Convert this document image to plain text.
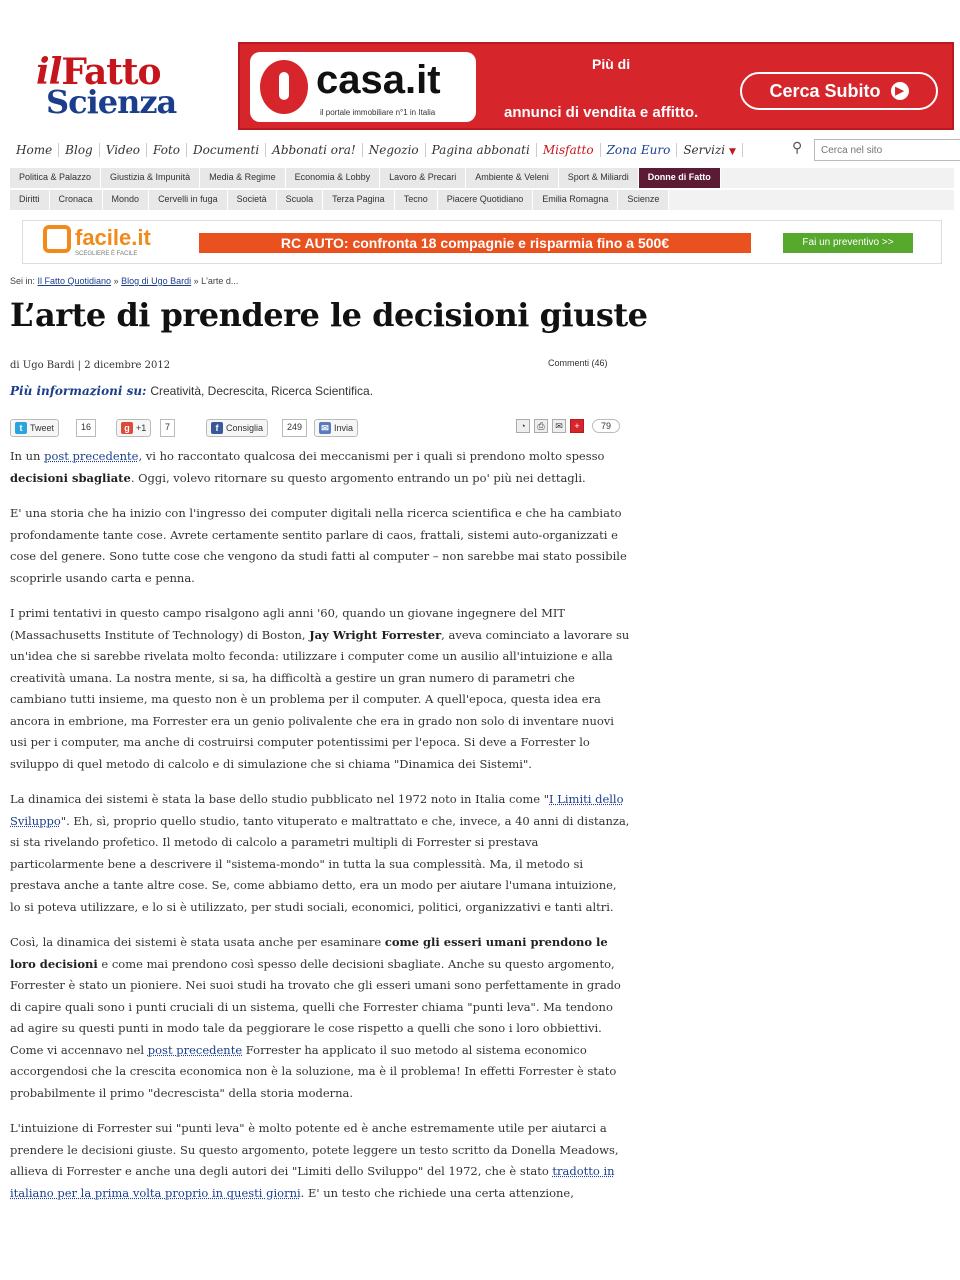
ilFatto
Scienza	casa.it
il portale immobiliare n°1 in Italia
Più di
annunci di vendita e affitto.
Cerca Subito	▶
Home	Blog	Video	Foto	Documenti	Abbonati ora!	Negozio	Pagina abbonati	Misfatto	Zona Euro	Servizi ▼	⚲
Cerca nel sito
Politica & Palazzo	Giustizia & Impunità	Media & Regime	Economia & Lobby	Lavoro & Precari	Ambiente & Veleni	Sport & Miliardi	Donne di Fatto
Diritti	Cronaca	Mondo	Cervelli in fuga	Società	Scuola	Terza Pagina	Tecno	Piacere Quotidiano	Emilia Romagna	Scienze
facile.it
SCEGLIERE È FACILE
RC AUTO: confronta 18 compagnie e risparmia fino a 500€	Fai un preventivo >>
Sei in: Il Fatto Quotidiano » Blog di Ugo Bardi » L'arte d...
L’arte di prendere le decisioni giuste
di Ugo Bardi | 2 dicembre 2012	Commenti (46)
Più informazioni su: Creatività, Decrescita, Ricerca Scientifica.
t Tweet	16	g +1	7	f Consiglia	249	✉ Invia	◔	⎙	✉	+	79

In un post precedente, vi ho raccontato qualcosa dei meccanismi per i quali si prendono molto spesso decisioni sbagliate. Oggi, volevo ritornare su questo argomento entrando un po' più nei dettagli.

E' una storia che ha inizio con l'ingresso dei computer digitali nella ricerca scientifica e che ha cambiato profondamente tante cose. Avrete certamente sentito parlare di caos, frattali, sistemi auto-organizzati e cose del genere. Sono tutte cose che vengono da studi fatti al computer – non sarebbe mai stato possibile scoprirle usando carta e penna.

I primi tentativi in questo campo risalgono agli anni '60, quando un giovane ingegnere del MIT (Massachusetts Institute of Technology) di Boston, Jay Wright Forrester, aveva cominciato a lavorare su un'idea che si sarebbe rivelata molto feconda: utilizzare i computer come un ausilio all'intuizione e alla creatività umana. La nostra mente, si sa, ha difficoltà a gestire un gran numero di parametri che cambiano tutti insieme, ma questo non è un problema per il computer. A quell'epoca, questa idea era ancora in embrione, ma Forrester era un genio polivalente che era in grado non solo di inventare nuovi usi per i computer, ma anche di costruirsi computer potentissimi per l'epoca. Si deve a Forrester lo sviluppo di quel metodo di calcolo e di simulazione che si chiama "Dinamica dei Sistemi".

La dinamica dei sistemi è stata la base dello studio pubblicato nel 1972 noto in Italia come "I Limiti dello Sviluppo". Eh, sì, proprio quello studio, tanto vituperato e maltrattato e che, invece, a 40 anni di distanza, si sta rivelando profetico. Il metodo di calcolo a parametri multipli di Forrester si prestava particolarmente bene a descrivere il "sistema-mondo" in tutta la sua complessità. Ma, il metodo si prestava anche a tante altre cose. Se, come abbiamo detto, era un modo per aiutare l'umana intuizione, lo si poteva utilizzare, e lo si è utilizzato, per studi sociali, economici, politici, organizzativi e tanti altri.

Così, la dinamica dei sistemi è stata usata anche per esaminare come gli esseri umani prendono le loro decisioni e come mai prendono così spesso delle decisioni sbagliate. Anche su questo argomento, Forrester è stato un pioniere. Nei suoi studi ha trovato che gli esseri umani sono perfettamente in grado di capire quali sono i punti cruciali di un sistema, quelli che Forrester chiama "punti leva". Ma tendono ad agire su questi punti in modo tale da peggiorare le cose rispetto a quelli che sono i loro obbiettivi. Come vi accennavo nel post precedente Forrester ha applicato il suo metodo al sistema economico accorgendosi che la crescita economica non è la soluzione, ma è il problema! In effetti Forrester è stato probabilmente il primo "decrescista" della storia moderna.

L'intuizione di Forrester sui "punti leva" è molto potente ed è anche estremamente utile per aiutarci a prendere le decisioni giuste. Su questo argomento, potete leggere un testo scritto da Donella Meadows, allieva di Forrester e anche una degli autori dei "Limiti dello Sviluppo" del 1972, che è stato tradotto in italiano per la prima volta proprio in questi giorni. E' un testo che richiede una certa attenzione,
